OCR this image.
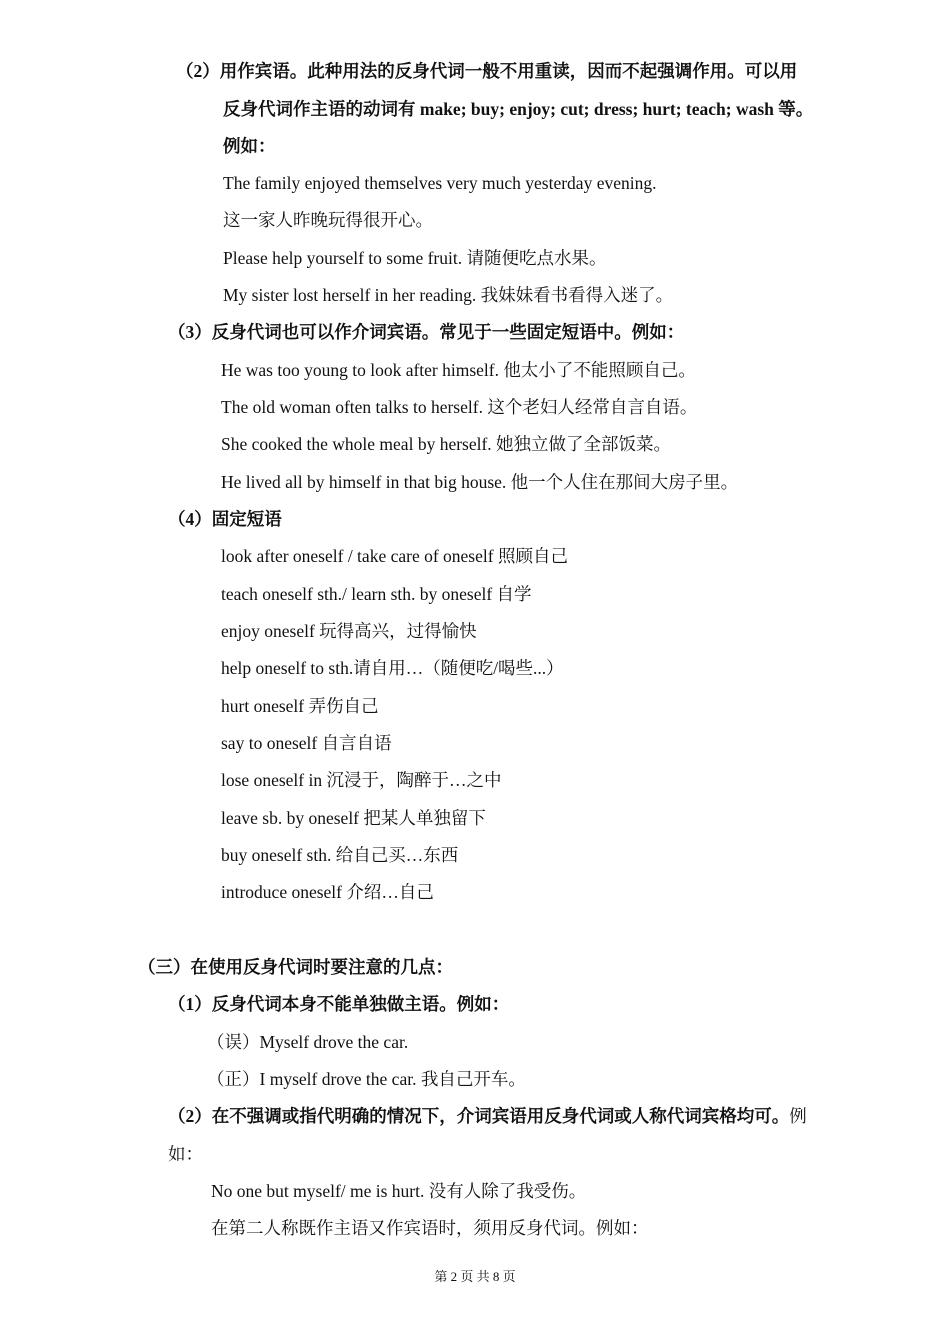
（2）用作宾语。此种用法的反身代词一般不用重读，因而不起强调作用。可以用
反身代词作主语的动词有 make; buy; enjoy; cut; dress; hurt; teach; wash 等。
例如：
The family enjoyed themselves very much yesterday evening.
这一家人昨晚玩得很开心。
Please help yourself to some fruit. 请随便吃点水果。
My sister lost herself in her reading. 我妹妹看书看得入迷了。
（3）反身代词也可以作介词宾语。常见于一些固定短语中。例如：
He was too young to look after himself. 他太小了不能照顾自己。
The old woman often talks to herself. 这个老妇人经常自言自语。
She cooked the whole meal by herself. 她独立做了全部饭菜。
He lived all by himself in that big house. 他一个人住在那间大房子里。
（4）固定短语
look after oneself / take care of oneself 照顾自己
teach oneself sth./ learn sth. by oneself 自学
enjoy oneself 玩得高兴，过得愉快
help oneself to sth.请自用…（随便吃/喝些...）
hurt oneself 弄伤自己
say to oneself 自言自语
lose oneself in 沉浸于，陶醉于…之中
leave sb. by oneself 把某人单独留下
buy oneself sth. 给自己买…东西
introduce oneself 介绍…自己
（三）在使用反身代词时要注意的几点：
（1）反身代词本身不能单独做主语。例如：
（误）Myself drove the car.
（正）I myself drove the car. 我自己开车。
（2）在不强调或指代明确的情况下，介词宾语用反身代词或人称代词宾格均可。例
如：
No one but myself/ me is hurt. 没有人除了我受伤。
在第二人称既作主语又作宾语时，须用反身代词。例如：
第 2 页 共 8 页
